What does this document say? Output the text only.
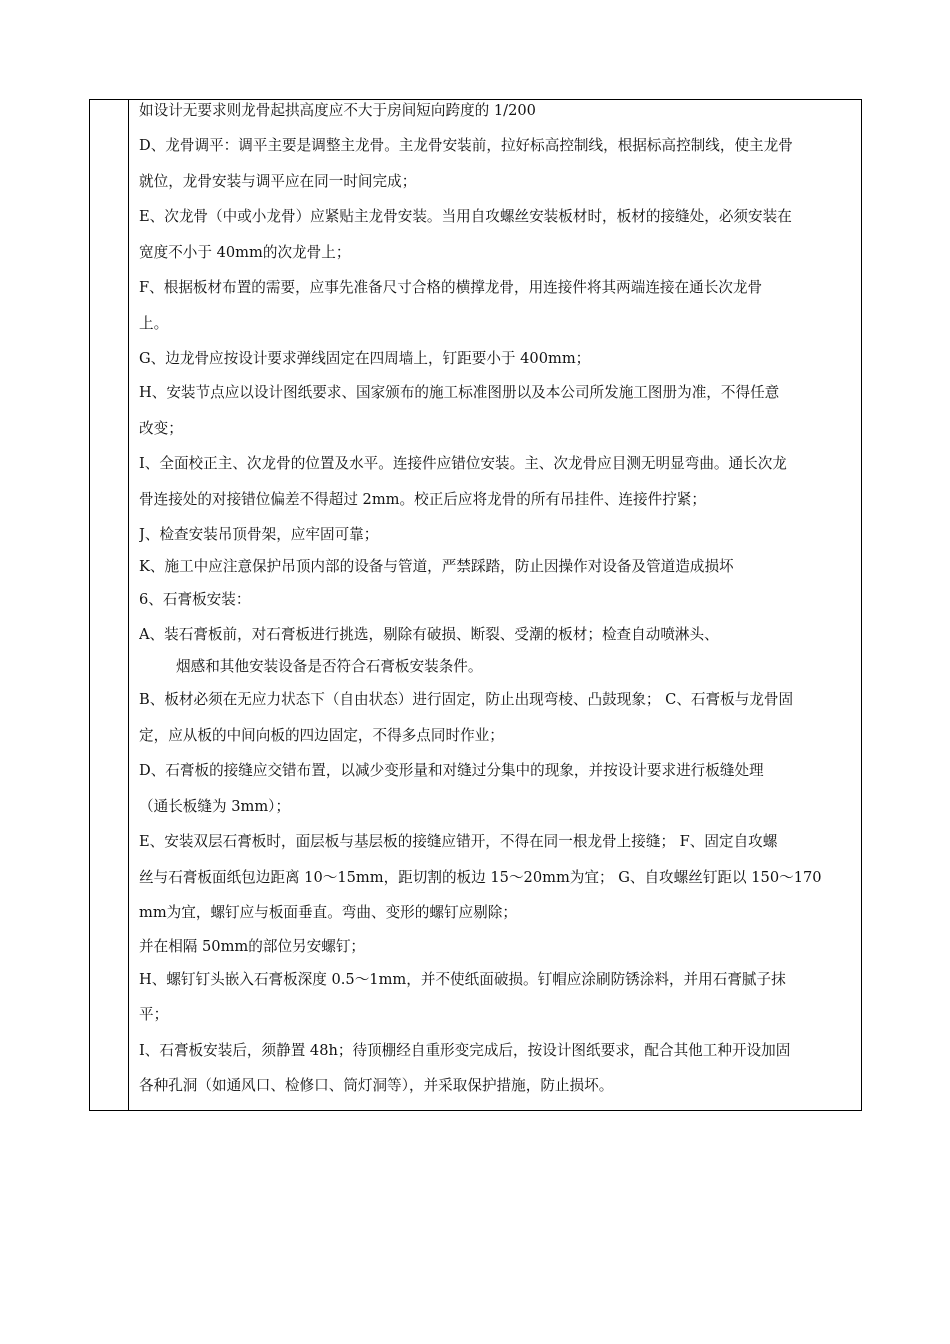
如设计无要求则龙骨起拱高度应不大于房间短向跨度的 1/200
D、龙骨调平：调平主要是调整主龙骨。主龙骨安装前，拉好标高控制线，根据标高控制线，使主龙骨
就位，龙骨安装与调平应在同一时间完成；
E、次龙骨（中或小龙骨）应紧贴主龙骨安装。当用自攻螺丝安装板材时，板材的接缝处，必须安装在
宽度不小于 40mm的次龙骨上；
F、根据板材布置的需要，应事先准备尺寸合格的横撑龙骨，用连接件将其两端连接在通长次龙骨
上。
G、边龙骨应按设计要求弹线固定在四周墙上，钉距要小于 400mm；
H、安装节点应以设计图纸要求、国家颁布的施工标准图册以及本公司所发施工图册为准，不得任意
改变；
I、全面校正主、次龙骨的位置及水平。连接件应错位安装。主、次龙骨应目测无明显弯曲。通长次龙
骨连接处的对接错位偏差不得超过 2mm。校正后应将龙骨的所有吊挂件、连接件拧紧；
J、检查安装吊顶骨架，应牢固可靠；
K、施工中应注意保护吊顶内部的设备与管道，严禁踩踏，防止因操作对设备及管道造成损坏
6、石膏板安装：
A、装石膏板前，对石膏板进行挑选，剔除有破损、断裂、受潮的板材；检查自动喷淋头、
烟感和其他安装设备是否符合石膏板安装条件。
B、板材必须在无应力状态下（自由状态）进行固定，防止出现弯棱、凸鼓现象； C、石膏板与龙骨固
定，应从板的中间向板的四边固定，不得多点同时作业；
D、石膏板的接缝应交错布置，以减少变形量和对缝过分集中的现象，并按设计要求进行板缝处理
（通长板缝为 3mm）；
E、安装双层石膏板时，面层板与基层板的接缝应错开，不得在同一根龙骨上接缝； F、固定自攻螺
丝与石膏板面纸包边距离 10～15mm，距切割的板边 15～20mm为宜； G、自攻螺丝钉距以 150～170
mm为宜，螺钉应与板面垂直。弯曲、变形的螺钉应剔除；
并在相隔 50mm的部位另安螺钉；
H、螺钉钉头嵌入石膏板深度 0.5～1mm，并不使纸面破损。钉帽应涂刷防锈涂料，并用石膏腻子抹
平；
I、石膏板安装后，须静置 48h；待顶棚经自重形变完成后，按设计图纸要求，配合其他工种开设加固
各种孔洞（如通风口、检修口、筒灯洞等），并采取保护措施，防止损坏。
